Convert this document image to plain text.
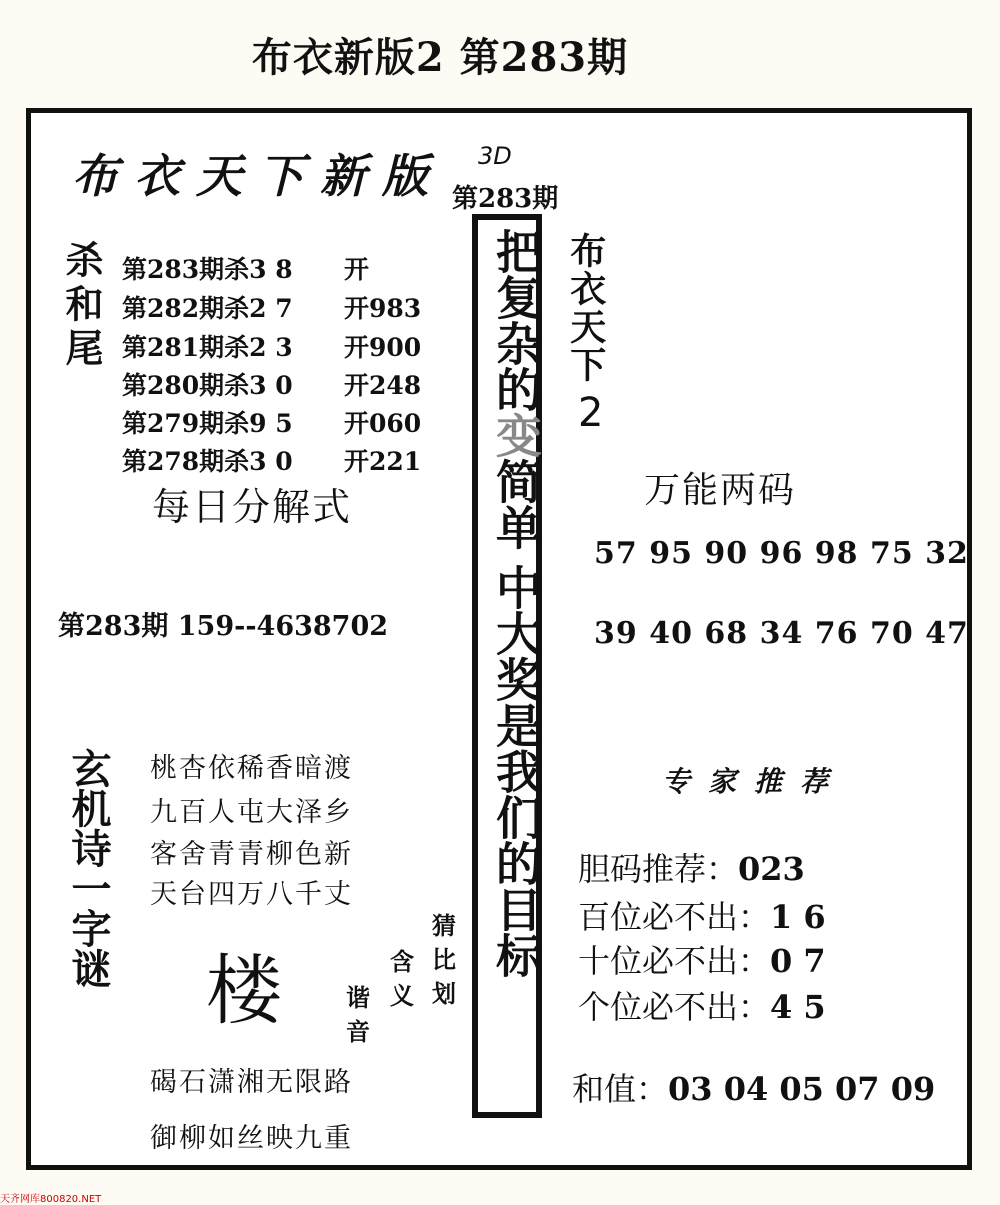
布衣新版2 第283期
布衣天下新版 3D
第283期
杀和尾 第283期杀3 8 开
第282期杀2 7 开983
第281期杀2 3 开900
第280期杀3 0 开248
第279期杀9 5 开060
第278期杀3 0 开221
每日分解式
第283期 159--4638702
把复杂的变简单中大奖是我们的目标
布衣天下
2
万能两码
57 95 90 96 98 75 32
39 40 68 34 76 70 47
玄机诗一字谜 桃杏依稀香暗渡
九百人屯大泽乡
客舍青青柳色新
天台四万八千丈
楼
猜
比
划
含
义
谐
音
碣石潇湘无限路
御柳如丝映九重
专家推荐
胆码推荐：023
百位必不出：1 6
十位必不出：0 7
个位必不出：4 5
和值：03 04 05 07 09
天齐网库800820.NET
